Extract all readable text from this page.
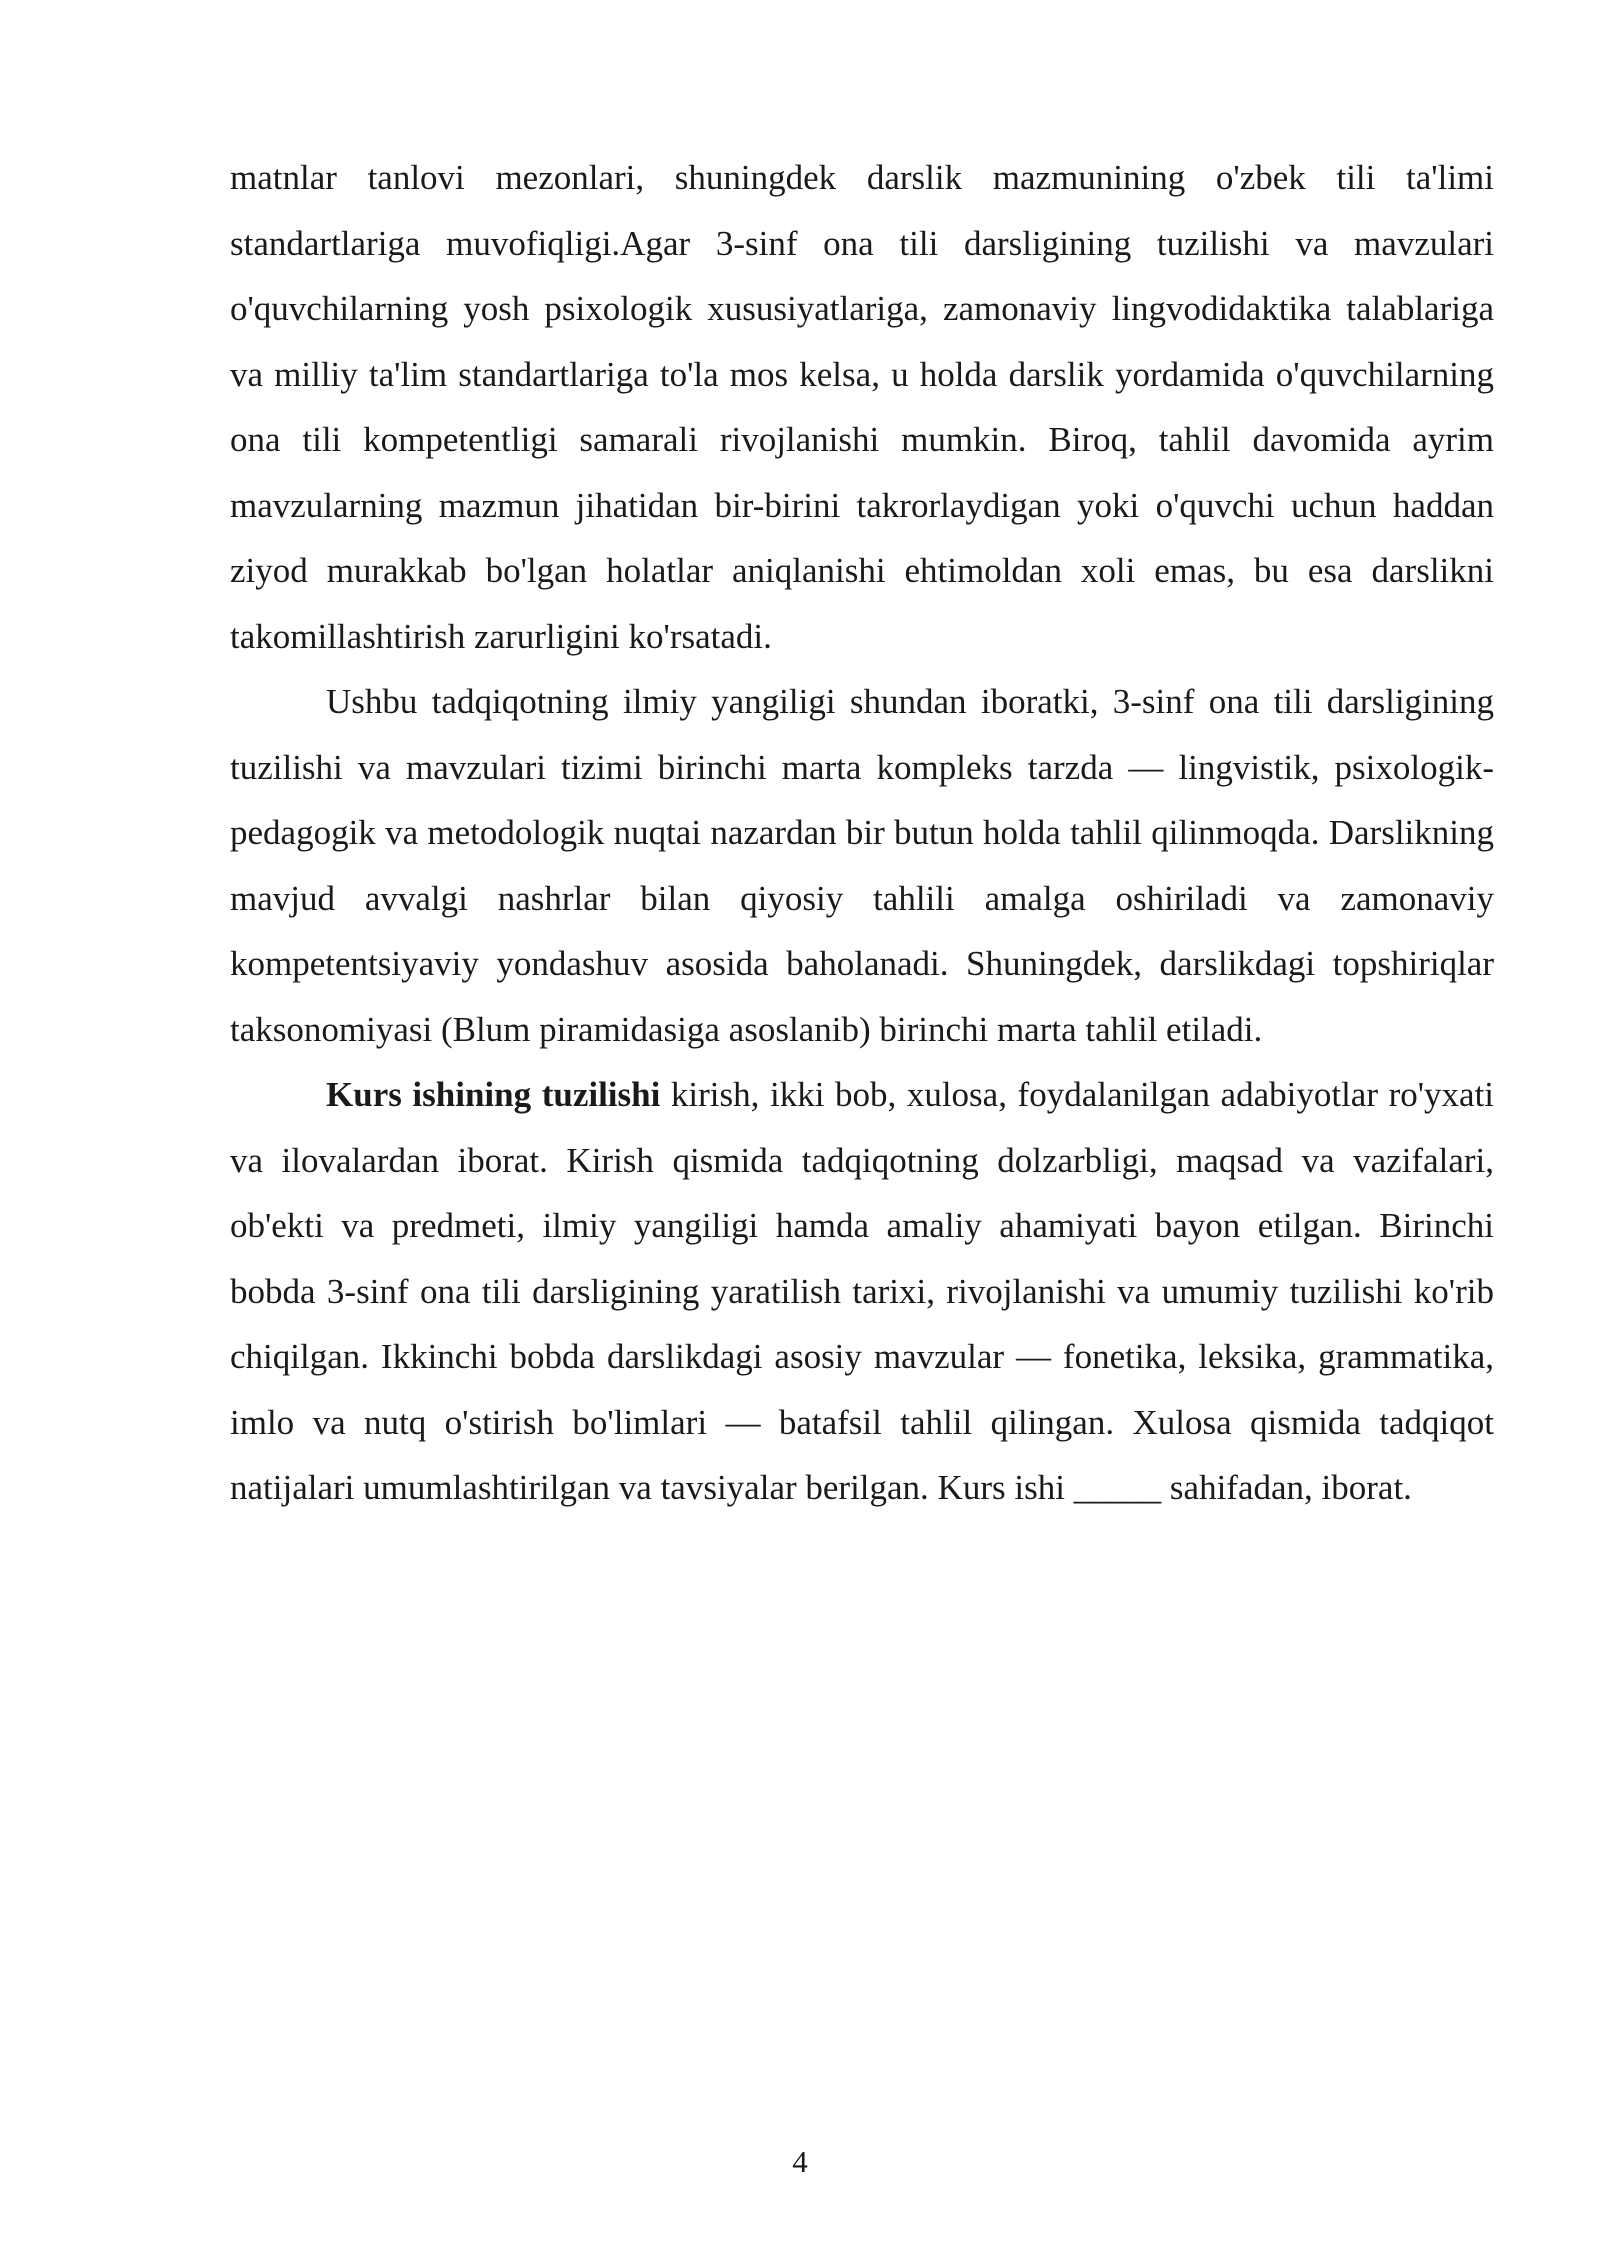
matnlar tanlovi mezonlari, shuningdek darslik mazmunining o'zbek tili ta'limi standartlariga muvofiqligi.Agar 3-sinf ona tili darsligining tuzilishi va mavzulari o'quvchilarning yosh psixologik xususiyatlariga, zamonaviy lingvodidaktika talablariga va milliy ta'lim standartlariga to'la mos kelsa, u holda darslik yordamida o'quvchilarning ona tili kompetentligi samarali rivojlanishi mumkin. Biroq, tahlil davomida ayrim mavzularning mazmun jihatidan bir-birini takrorlaydigan yoki o'quvchi uchun haddan ziyod murakkab bo'lgan holatlar aniqlanishi ehtimoldan xoli emas, bu esa darslikni takomillashtirish zarurligini ko'rsatadi.

Ushbu tadqiqotning ilmiy yangiligi shundan iboratki, 3-sinf ona tili darsligining tuzilishi va mavzulari tizimi birinchi marta kompleks tarzda — lingvistik, psixologik-pedagogik va metodologik nuqtai nazardan bir butun holda tahlil qilinmoqda. Darslikning mavjud avvalgi nashrlar bilan qiyosiy tahlili amalga oshiriladi va zamonaviy kompetentsiyaviy yondashuv asosida baholanadi. Shuningdek, darslikdagi topshiriqlar taksonomiyasi (Blum piramidasiga asoslanib) birinchi marta tahlil etiladi.

Kurs ishining tuzilishi kirish, ikki bob, xulosa, foydalanilgan adabiyotlar ro'yxati va ilovalardan iborat. Kirish qismida tadqiqotning dolzarbligi, maqsad va vazifalari, ob'ekti va predmeti, ilmiy yangiligi hamda amaliy ahamiyati bayon etilgan. Birinchi bobda 3-sinf ona tili darsligining yaratilish tarixi, rivojlanishi va umumiy tuzilishi ko'rib chiqilgan. Ikkinchi bobda darslikdagi asosiy mavzular — fonetika, leksika, grammatika, imlo va nutq o'stirish bo'limlari — batafsil tahlil qilingan. Xulosa qismida tadqiqot natijalari umumlashtirilgan va tavsiyalar berilgan. Kurs ishi _____ sahifadan, iborat.

4
